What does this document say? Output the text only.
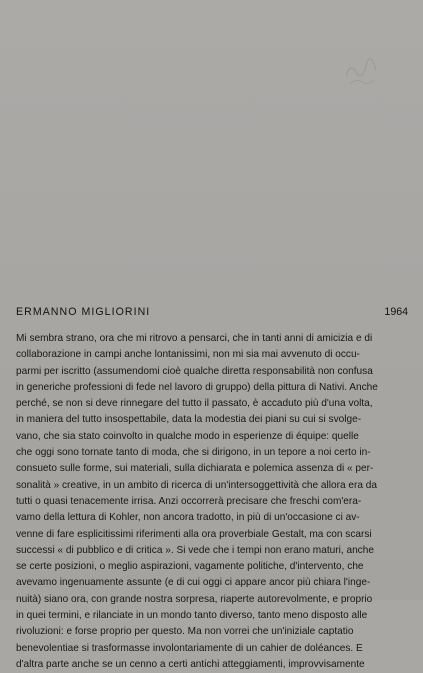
ERMANNO MIGLIORINI	1964
Mi sembra strano, ora che mi ritrovo a pensarci, che in tanti anni di amicizia e di
collaborazione in campi anche lontanissimi, non mi sia mai avvenuto di occu-
parmi per iscritto (assumendomi cioè qualche diretta responsabilità non confusa
in generiche professioni di fede nel lavoro di gruppo) della pittura di Nativi. Anche
perché, se non si deve rinnegare del tutto il passato, è accaduto più d'una volta,
in maniera del tutto insospettabile, data la modestia dei piani su cui si svolge-
vano, che sia stato coinvolto in qualche modo in esperienze di équipe: quelle
che oggi sono tornate tanto di moda, che si dirigono, in un tepore a noi certo in-
consueto sulle forme, sui materiali, sulla dichiarata e polemica assenza di « per-
sonalità » creative, in un ambito di ricerca di un'intersoggettività che allora era da
tutti o quasi tenacemente irrisa. Anzi occorrerà precisare che freschi com'era-
vamo della lettura di Kohler, non ancora tradotto, in più di un'occasione ci av-
venne di fare esplicitissimi riferimenti alla ora proverbiale Gestalt, ma con scarsi
successi « di pubblico e di critica ». Si vede che i tempi non erano maturi, anche
se certe posizioni, o meglio aspirazioni, vagamente politiche, d'intervento, che
avevamo ingenuamente assunte (e di cui oggi ci appare ancor più chiara l'inge-
nuità) siano ora, con grande nostra sorpresa, riaperte autorevolmente, e proprio
in quei termini, e rilanciate in un mondo tanto diverso, tanto meno disposto alle
rivoluzioni: e forse proprio per questo. Ma non vorrei che un'iniziale captatio
benevolentiae si trasformasse involontariamente di un cahier de doléances. E
d'altra parte anche se un cenno a certi antichi atteggiamenti, improvvisamente
